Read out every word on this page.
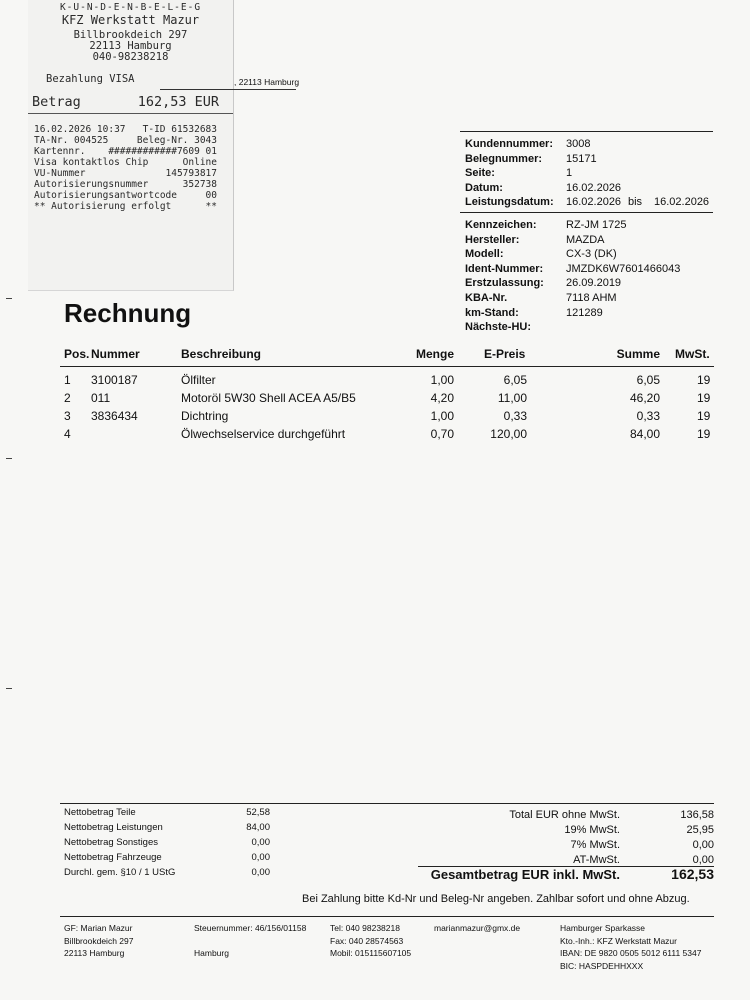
K-U-N-D-E-N-B-E-L-E-G
KFZ Werkstatt Mazur
Billbrookdeich 297
22113 Hamburg
040-98238218
Bezahlung VISA
Betrag	162,53 EUR
16.02.2026 10:37 T-ID 61532683
TA-Nr. 004525	Beleg-Nr. 3043
Kartennr. ############7609 01
Visa kontaktlos Chip	Online
VU-Nummer	145793817
Autorisierungsnummer	352738
Autorisierungsantwortcode	00
** Autorisierung erfolgt	**
, 22113 Hamburg
Kundennummer: 3008
Belegnummer: 15171
Seite:	1
Datum:	16.02.2026
Leistungsdatum: 16.02.2026 bis 16.02.2026
Kennzeichen:	RZ-JM 1725
Hersteller:	MAZDA
Modell:	CX-3 (DK)
Ident-Nummer: JMZDK6W7601466043
Erstzulassung: 26.09.2019
KBA-Nr.	7118 AHM
km-Stand:	121289
Nächste-HU:
Rechnung
Pos. Nummer	Beschreibung	Menge	E-Preis	Summe MwSt.
1 3100187	Ölfilter	1,00	6,05	6,05	19
2 011	Motoröl 5W30 Shell ACEA A5/B5	4,20	11,00	46,20	19
3 3836434	Dichtring	1,00	0,33	0,33	19
4	Ölwechselservice durchgeführt	0,70	120,00	84,00	19
Nettobetrag Teile	52,58
Nettobetrag Leistungen	84,00
Nettobetrag Sonstiges	0,00
Nettobetrag Fahrzeuge	0,00
Durchl. gem. §10 / 1 UStG	0,00
Total EUR ohne MwSt.	136,58
19% MwSt.	25,95
7% MwSt.	0,00
AT-MwSt.	0,00
Gesamtbetrag EUR inkl. MwSt.	162,53
Bei Zahlung bitte Kd-Nr und Beleg-Nr angeben. Zahlbar sofort und ohne Abzug.
GF: Marian Mazur
Billbrookdeich 297
22113 Hamburg
Steuernummer: 46/156/01158
Hamburg
Tel: 040 98238218
Fax: 040 28574563
Mobil: 015115607105
marianmazur@gmx.de	Hamburger Sparkasse
Kto.-Inh.: KFZ Werkstatt Mazur
IBAN: DE 9820 0505 5012 6111 5347
BIC: HASPDEHHXXX
